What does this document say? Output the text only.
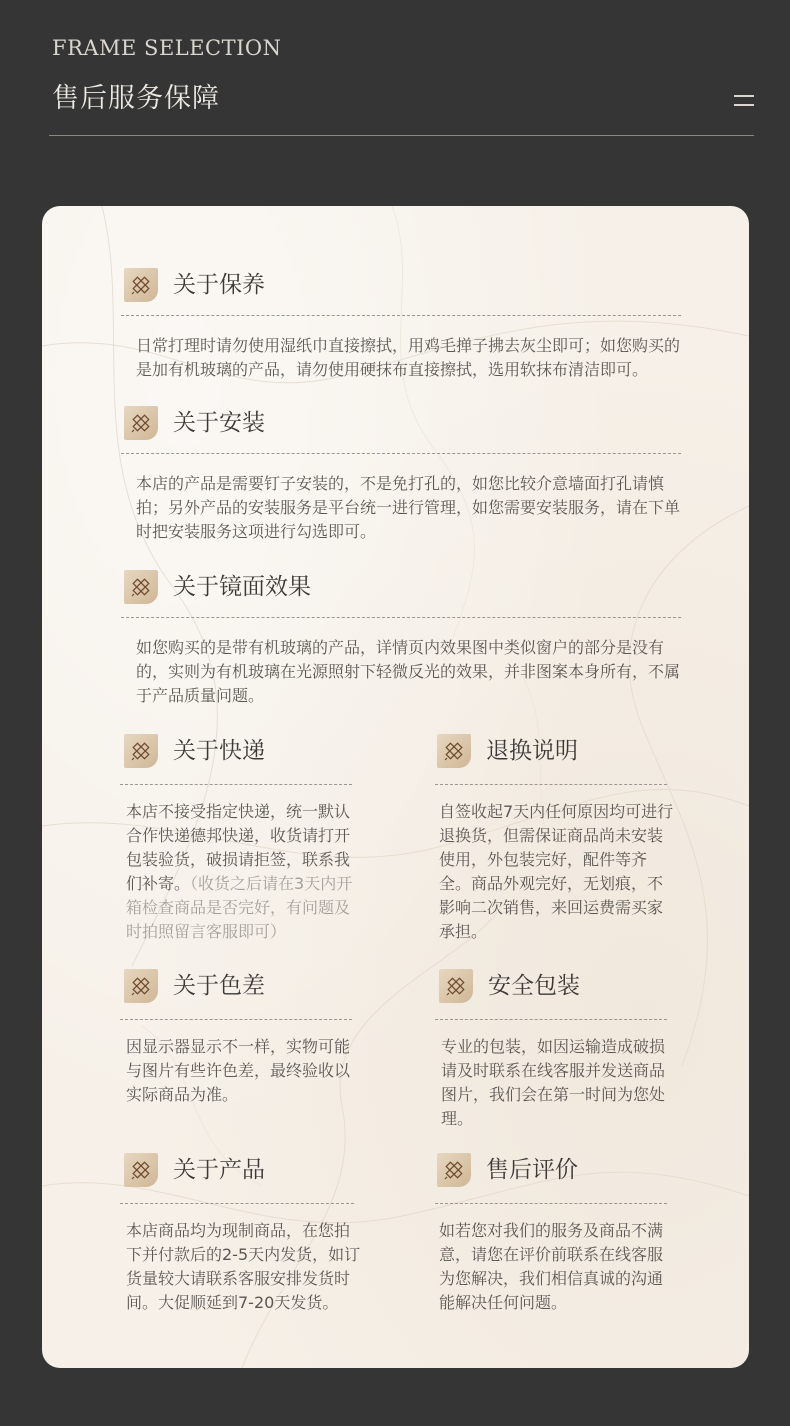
FRAME SELECTION
售后服务保障
关于保养
日常打理时请勿使用湿纸巾直接擦拭，用鸡毛掸子拂去灰尘即可；如您购买的是加有机玻璃的产品，请勿使用硬抹布直接擦拭，选用软抹布清洁即可。
关于安装
本店的产品是需要钉子安装的，不是免打孔的，如您比较介意墙面打孔请慎拍；另外产品的安装服务是平台统一进行管理，如您需要安装服务，请在下单时把安装服务这项进行勾选即可。
关于镜面效果
如您购买的是带有机玻璃的产品，详情页内效果图中类似窗户的部分是没有的，实则为有机玻璃在光源照射下轻微反光的效果，并非图案本身所有，不属于产品质量问题。
关于快递
本店不接受指定快递，统一默认合作快递德邦快递，收货请打开包装验货，破损请拒签，联系我们补寄。（收货之后请在3天内开箱检查商品是否完好，有问题及时拍照留言客服即可）
退换说明
自签收起7天内任何原因均可进行退换货，但需保证商品尚未安装使用，外包装完好，配件等齐全。商品外观完好，无划痕，不影响二次销售，来回运费需买家承担。
关于色差
因显示器显示不一样，实物可能与图片有些许色差，最终验收以实际商品为准。
安全包装
专业的包装，如因运输造成破损请及时联系在线客服并发送商品图片，我们会在第一时间为您处理。
关于产品
本店商品均为现制商品，在您拍下并付款后的2-5天内发货，如订货量较大请联系客服安排发货时间。大促顺延到7-20天发货。
售后评价
如若您对我们的服务及商品不满意，请您在评价前联系在线客服为您解决，我们相信真诚的沟通能解决任何问题。
